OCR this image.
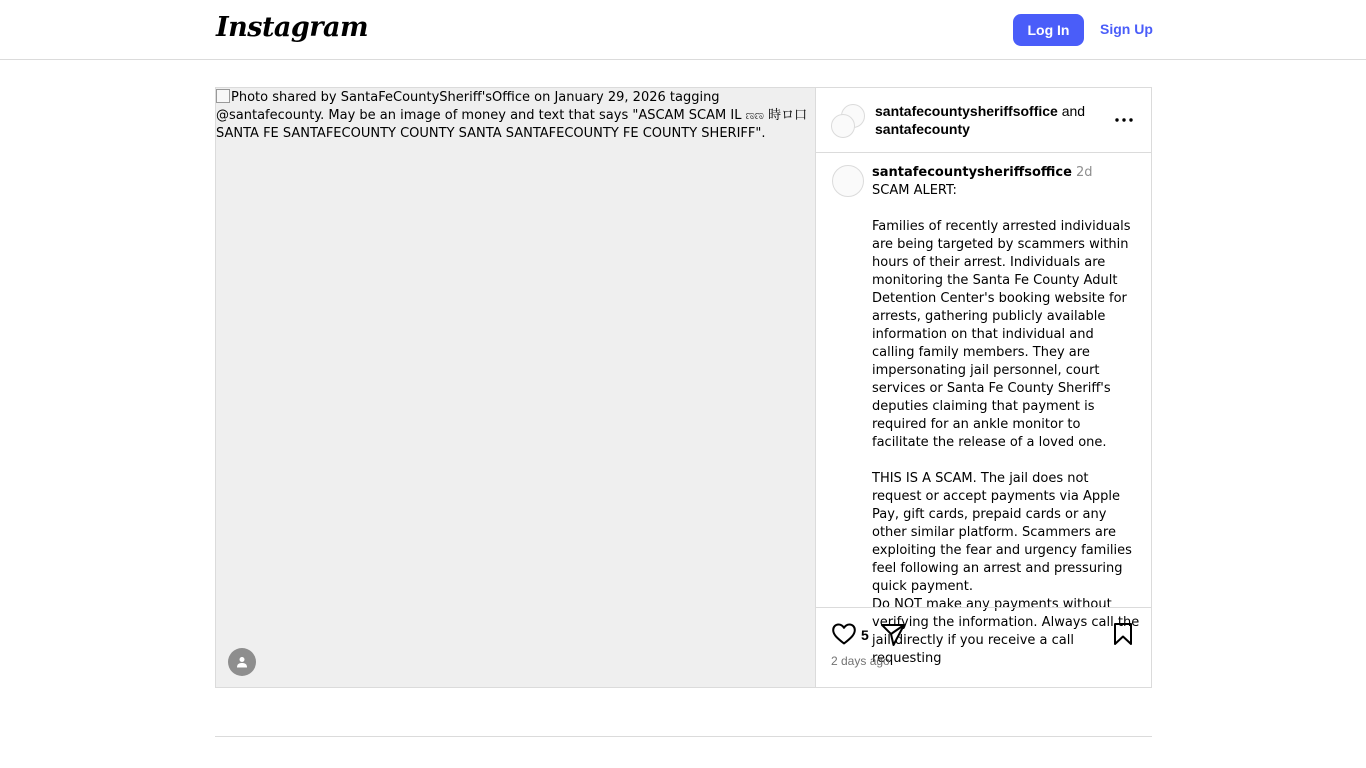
Instagram	Log In	Sign Up
Photo shared by SantaFeCountySheriff'sOffice on January 29, 2026 tagging @santafecounty. May be an image of money and text that says "ASCAM SCAM IL ಣಣ 時ロ口 SANTA FE SANTAFECOUNTY COUNTY SANTA SANTAFECOUNTY FE COUNTY SHERIFF".
santafecountysheriffsoffice and santafecounty
santafecountysheriffsoffice 2d
SCAM ALERT:

Families of recently arrested individuals are being targeted by scammers within hours of their arrest. Individuals are monitoring the Santa Fe County Adult Detention Center's booking website for arrests, gathering publicly available information on that individual and calling family members. They are impersonating jail personnel, court services or Santa Fe County Sheriff's deputies claiming that payment is required for an ankle monitor to facilitate the release of a loved one.

THIS IS A SCAM. The jail does not request or accept payments via Apple Pay, gift cards, prepaid cards or any other similar platform. Scammers are exploiting the fear and urgency families feel following an arrest and pressuring quick payment.
Do NOT make any payments without verifying the information. Always call the jail directly if you receive a call requesting
5
2 days ago
